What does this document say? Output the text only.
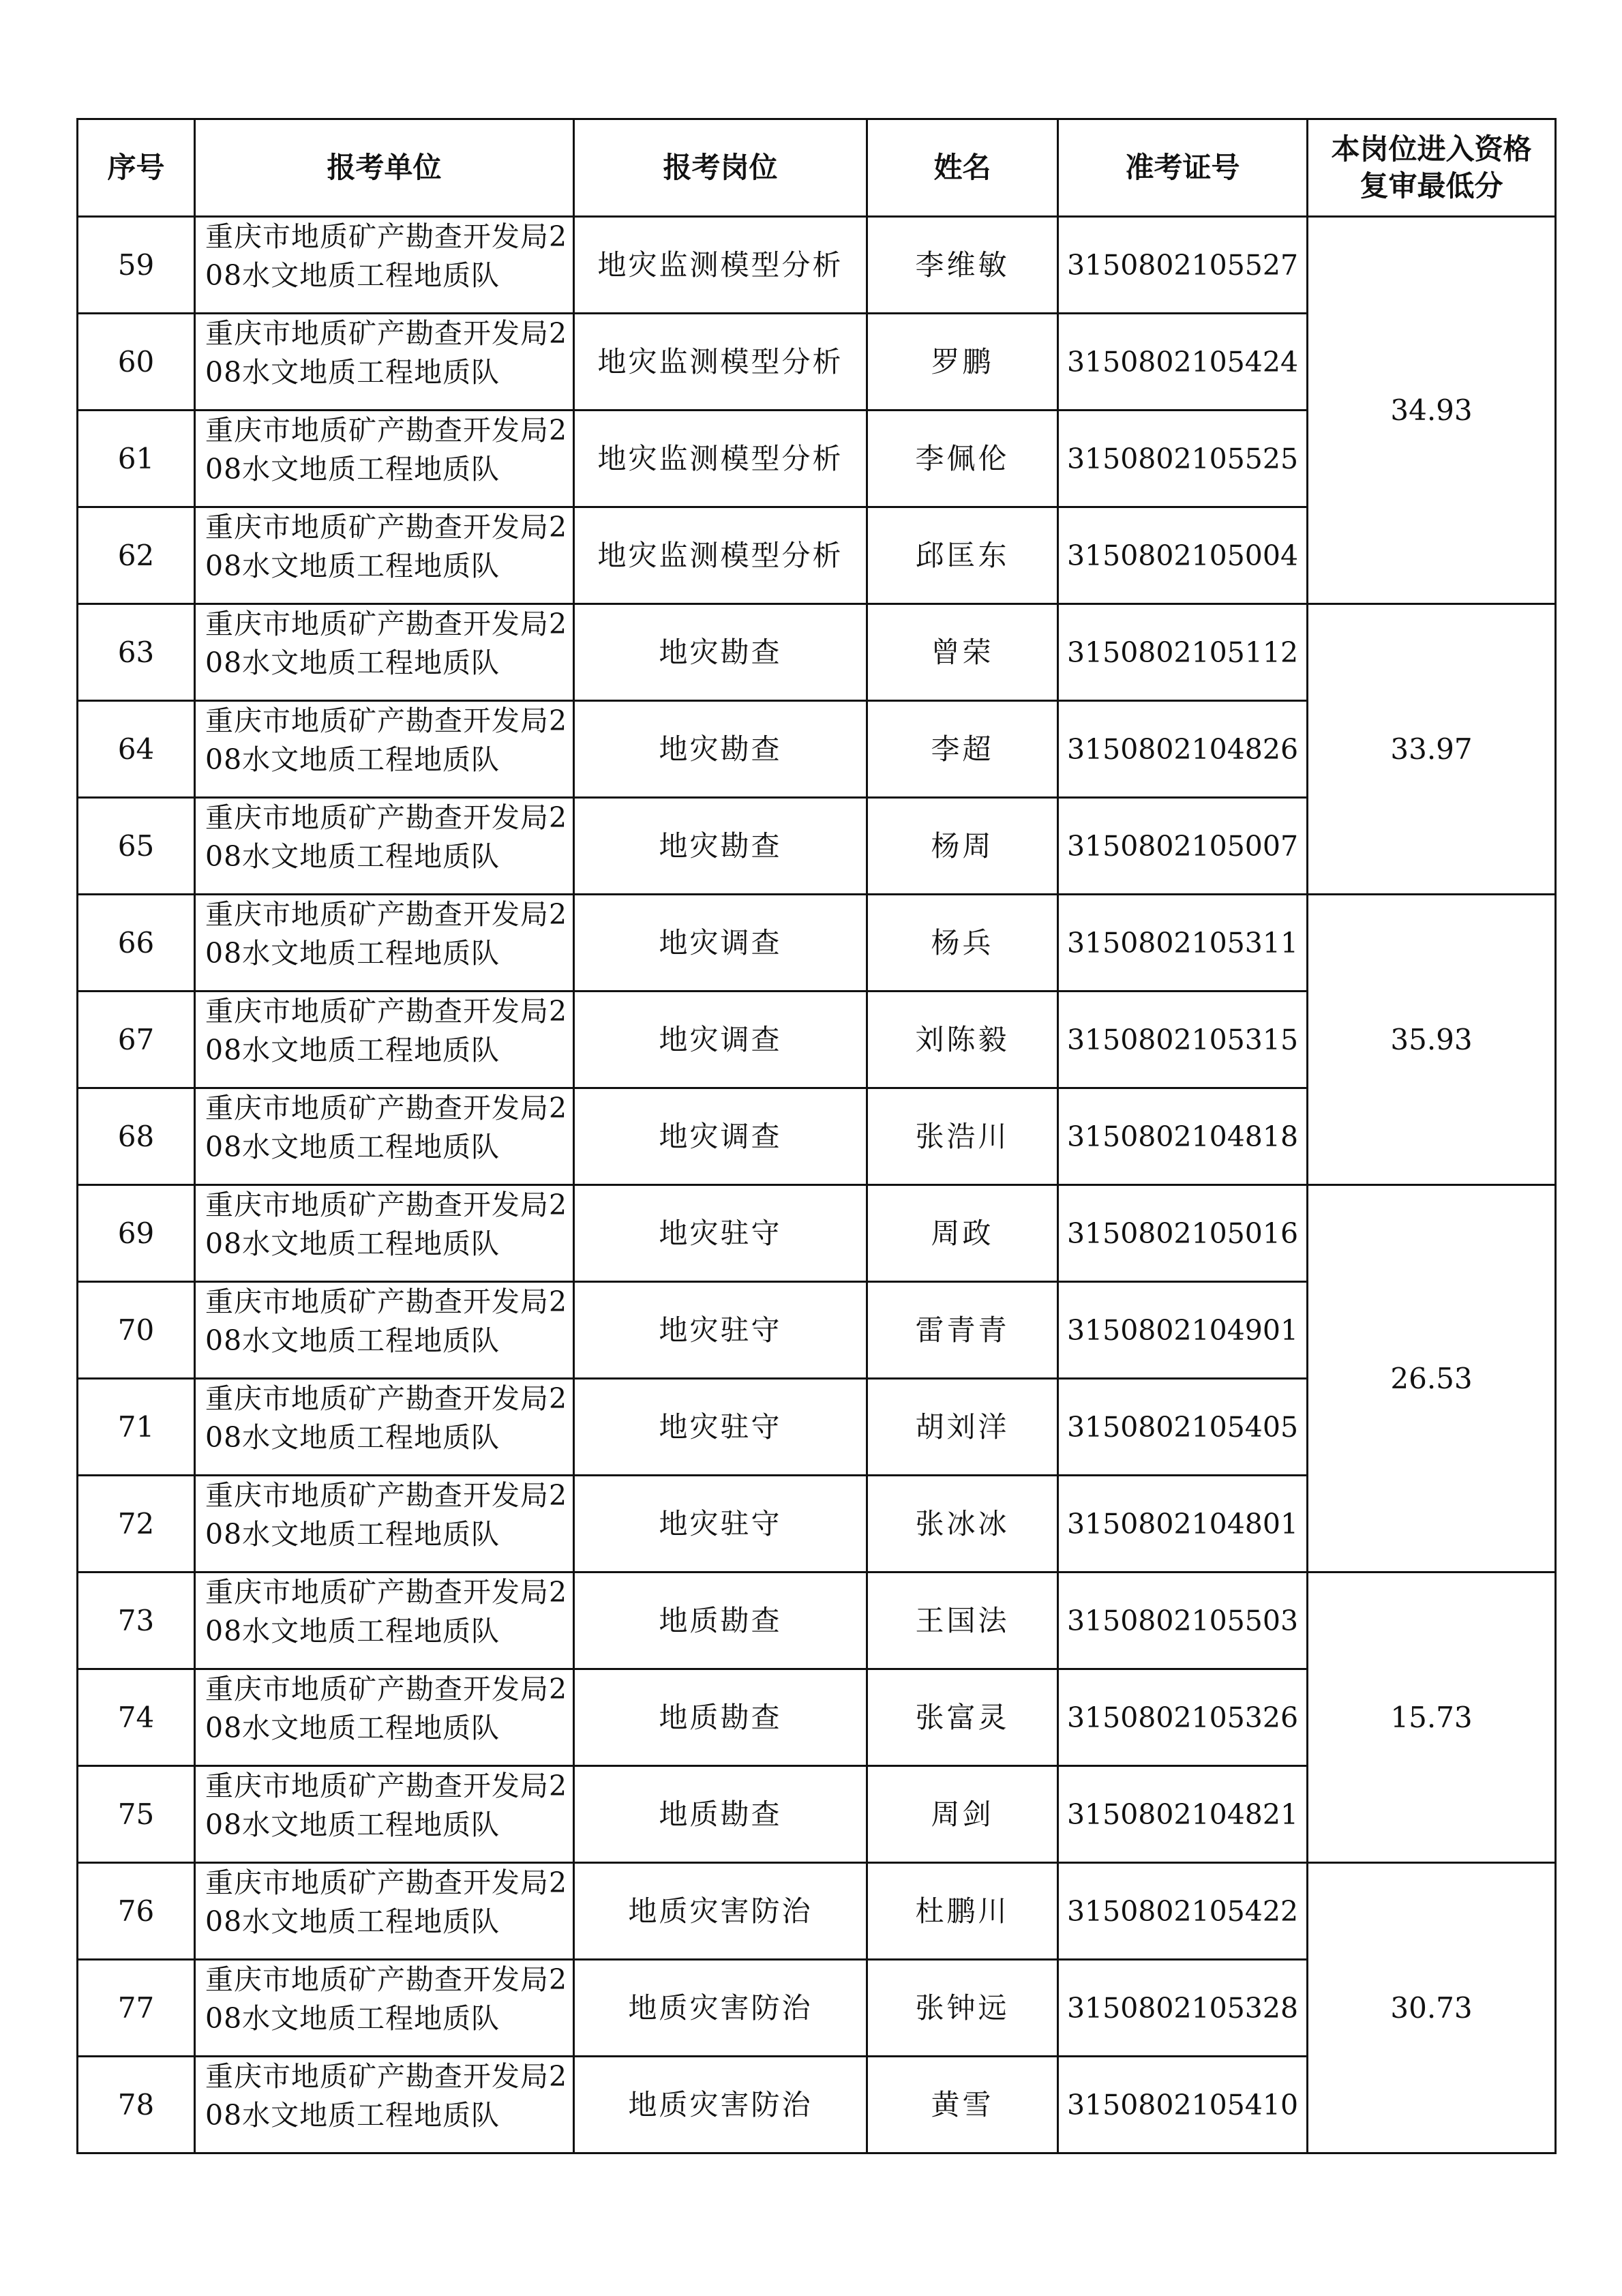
序号	报考单位	报考岗位	姓名	准考证号	本岗位进入资格
复审最低分

59	重庆市地质矿产勘查开发局208水文地质工程地质队	地灾监测模型分析	李维敏	3150802105527	34.93

60	重庆市地质矿产勘查开发局208水文地质工程地质队	地灾监测模型分析	罗鹏	3150802105424	
61	重庆市地质矿产勘查开发局208水文地质工程地质队	地灾监测模型分析	李佩伦	3150802105525	
62	重庆市地质矿产勘查开发局208水文地质工程地质队	地灾监测模型分析	邱匡东	3150802105004	
63	重庆市地质矿产勘查开发局208水文地质工程地质队	地灾勘查	曾荣	3150802105112	33.97

64	重庆市地质矿产勘查开发局208水文地质工程地质队	地灾勘查	李超	3150802104826	
65	重庆市地质矿产勘查开发局208水文地质工程地质队	地灾勘查	杨周	3150802105007	
66	重庆市地质矿产勘查开发局208水文地质工程地质队	地灾调查	杨兵	3150802105311	35.93

67	重庆市地质矿产勘查开发局208水文地质工程地质队	地灾调查	刘陈毅	3150802105315	
68	重庆市地质矿产勘查开发局208水文地质工程地质队	地灾调查	张浩川	3150802104818	
69	重庆市地质矿产勘查开发局208水文地质工程地质队	地灾驻守	周政	3150802105016	26.53

70	重庆市地质矿产勘查开发局208水文地质工程地质队	地灾驻守	雷青青	3150802104901	
71	重庆市地质矿产勘查开发局208水文地质工程地质队	地灾驻守	胡刘洋	3150802105405	
72	重庆市地质矿产勘查开发局208水文地质工程地质队	地灾驻守	张冰冰	3150802104801	
73	重庆市地质矿产勘查开发局208水文地质工程地质队	地质勘查	王国法	3150802105503	15.73

74	重庆市地质矿产勘查开发局208水文地质工程地质队	地质勘查	张富灵	3150802105326	
75	重庆市地质矿产勘查开发局208水文地质工程地质队	地质勘查	周剑	3150802104821	
76	重庆市地质矿产勘查开发局208水文地质工程地质队	地质灾害防治	杜鹏川	3150802105422	30.73

77	重庆市地质矿产勘查开发局208水文地质工程地质队	地质灾害防治	张钟远	3150802105328	
78	重庆市地质矿产勘查开发局208水文地质工程地质队	地质灾害防治	黄雪	3150802105410	
